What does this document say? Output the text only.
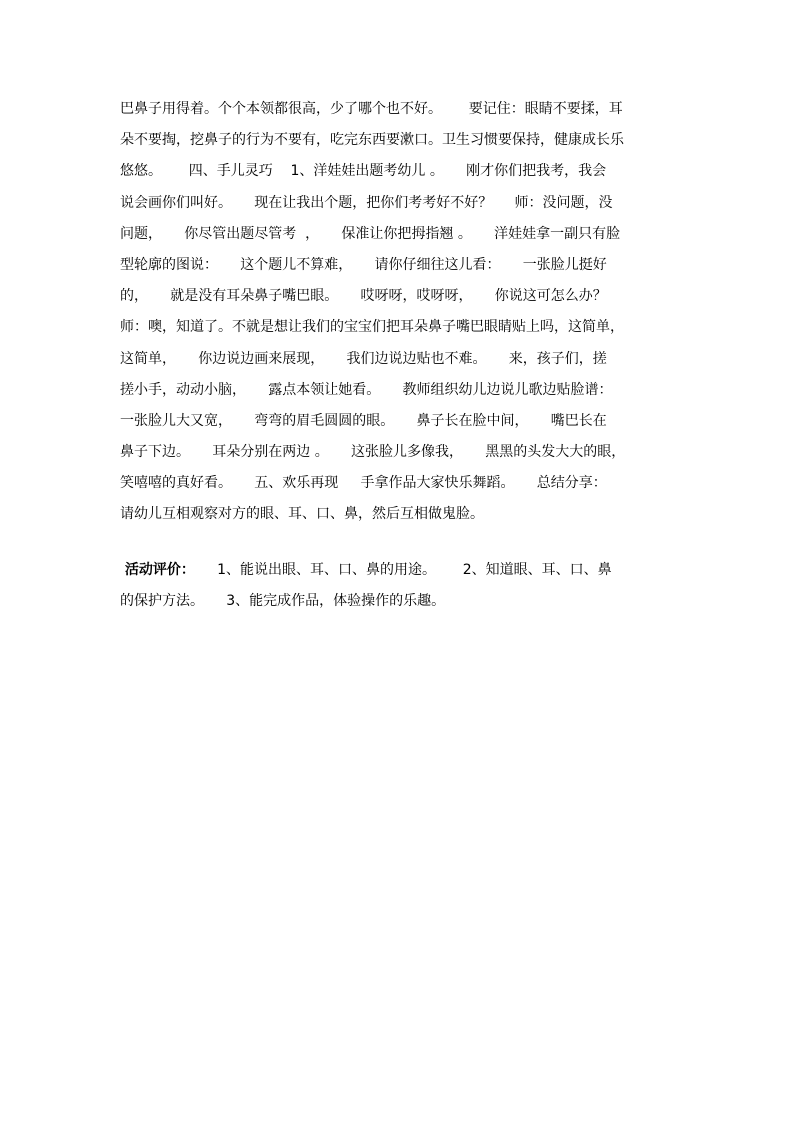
巴鼻子用得着。个个本领都很高，少了哪个也不好。      要记住：眼睛不要揉，耳
朵不要掏，挖鼻子的行为不要有，吃完东西要漱口。卫生习惯要保持，健康成长乐
悠悠。      四、手儿灵巧    1、洋娃娃出题考幼儿 。     刚才你们把我考，我会
说会画你们叫好。     现在让我出个题，把你们考考好不好？     师：没问题，没
问题，     你尽管出题尽管考  ，     保准让你把拇指翘 。     洋娃娃拿一副只有脸
型轮廓的图说：     这个题儿不算难，     请你仔细往这儿看：     一张脸儿挺好
的，     就是没有耳朵鼻子嘴巴眼。     哎呀呀，哎呀呀，     你说这可怎么办？
师：噢，知道了。不就是想让我们的宝宝们把耳朵鼻子嘴巴眼睛贴上吗，这简单，
这简单，     你边说边画来展现，     我们边说边贴也不难。     来，孩子们，搓
搓小手，动动小脑，     露点本领让她看。     教师组织幼儿边说儿歌边贴脸谱：
一张脸儿大又宽，     弯弯的眉毛圆圆的眼。     鼻子长在脸中间，     嘴巴长在
鼻子下边。     耳朵分别在两边 。     这张脸儿多像我，     黑黑的头发大大的眼，
笑嘻嘻的真好看。     五、欢乐再现     手拿作品大家快乐舞蹈。     总结分享：
请幼儿互相观察对方的眼、耳、口、鼻，然后互相做鬼脸。
活动评价：     1、能说出眼、耳、口、鼻的用途。      2、知道眼、耳、口、鼻
的保护方法。     3、能完成作品，体验操作的乐趣。
